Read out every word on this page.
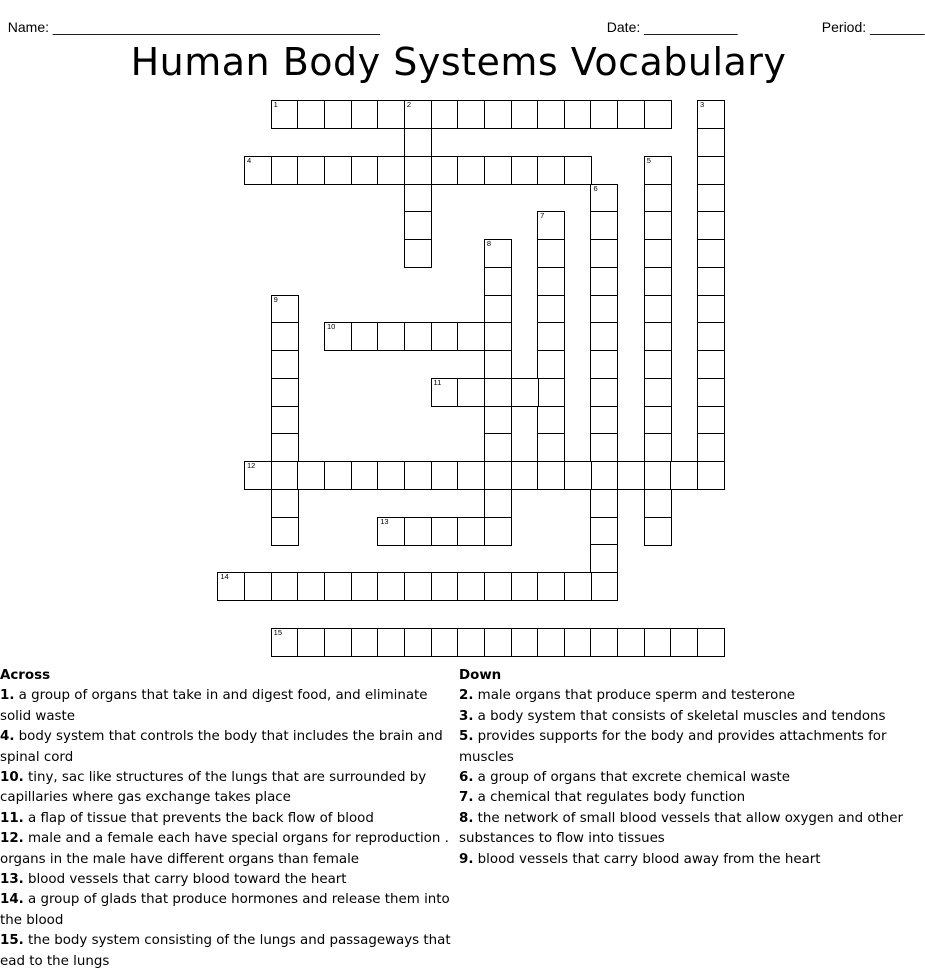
Name: __________________________________________	Date: ____________	Period: _______

Human Body Systems Vocabulary
1	2	3
4	5
6
7
8
9
10
11
12
13
14
15
Across
1. a group of organs that take in and digest food, and eliminate solid waste
4. body system that controls the body that includes the brain and spinal cord
10. tiny, sac like structures of the lungs that are surrounded by capillaries where gas exchange takes place
11. a flap of tissue that prevents the back flow of blood
12. male and a female each have special organs for reproduction . organs in the male have different organs than female
13. blood vessels that carry blood toward the heart
14. a group of glads that produce hormones and release them into the blood
15. the body system consisting of the lungs and passageways that ead to the lungs
Down
2. male organs that produce sperm and testerone
3. a body system that consists of skeletal muscles and tendons
5. provides supports for the body and provides attachments for muscles
6. a group of organs that excrete chemical waste
7. a chemical that regulates body function
8. the network of small blood vessels that allow oxygen and other substances to flow into tissues
9. blood vessels that carry blood away from the heart
